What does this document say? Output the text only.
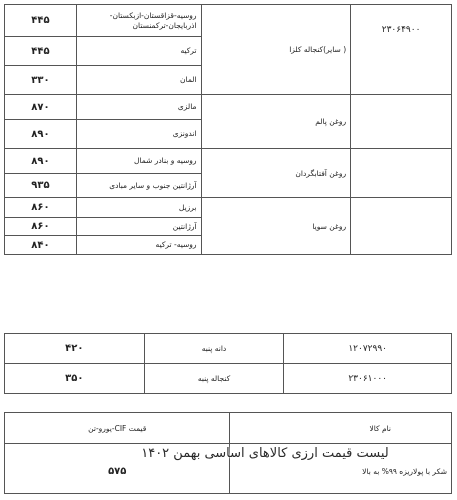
۴۴۵	روسیه-قزاقستان-ازبکستان-اذربایجان-ترکمنستان	( سایر)کنجاله کلزا	۲۳۰۶۴۹۰۰
۴۴۵	ترکیه		
۳۳۰	المان		
۸۷۰	مالزی	روغن پالم	
۸۹۰	اندونزی		
۸۹۰	روسیه و بنادر شمال	روغن آفتابگردان	
۹۳۵	آرژانتین جنوب و سایر مبادی		
۸۶۰	برزیل	روغن سویا	
۸۶۰	آرژانتین		
۸۴۰	روسیه- ترکیه		
۴۲۰	دانه پنبه	۱۲۰۷۲۹۹۰
۳۵۰	کنجاله پنبه	۲۳۰۶۱۰۰۰
قیمت CIF-یورو-تن	نام کالا
۵۷۵	شکر با پولاریزه ۹۹% به بالا
لیست قیمت ارزی کالاهای اساسی بهمن ۱۴۰۲
